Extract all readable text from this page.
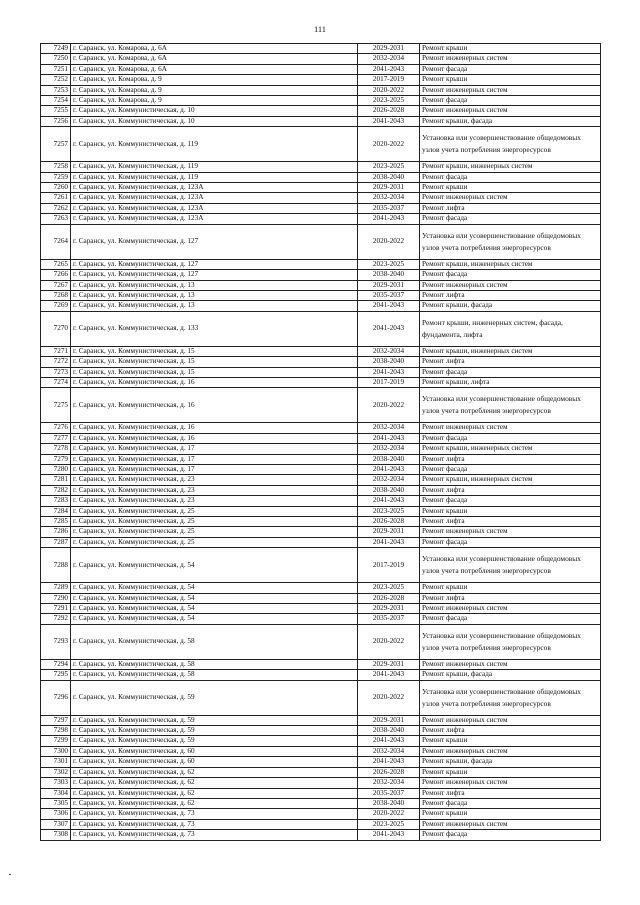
111
7249	г. Саранск, ул. Комарова, д. 6А	2029-2031	Ремонт крыши
7250	г. Саранск, ул. Комарова, д. 6А	2032-2034	Ремонт инженерных систем
7251	г. Саранск, ул. Комарова, д. 6А	2041-2043	Ремонт фасада
7252	г. Саранск, ул. Комарова, д. 9	2017-2019	Ремонт крыши
7253	г. Саранск, ул. Комарова, д. 9	2020-2022	Ремонт инженерных систем
7254	г. Саранск, ул. Комарова, д. 9	2023-2025	Ремонт фасада
7255	г. Саранск, ул. Коммунистическая, д. 10	2026-2028	Ремонт инженерных систем
7256	г. Саранск, ул. Коммунистическая, д. 10	2041-2043	Ремонт крыши, фасада
7257	г. Саранск, ул. Коммунистическая, д. 119	2020-2022	Установка или усовершенствование общедомовых узлов учета потребления энергоресурсов
7258	г. Саранск, ул. Коммунистическая, д. 119	2023-2025	Ремонт крыши, инженерных систем
7259	г. Саранск, ул. Коммунистическая, д. 119	2038-2040	Ремонт фасада
7260	г. Саранск, ул. Коммунистическая, д. 123А	2029-2031	Ремонт крыши
7261	г. Саранск, ул. Коммунистическая, д. 123А	2032-2034	Ремонт инженерных систем
7262	г. Саранск, ул. Коммунистическая, д. 123А	2035-2037	Ремонт лифта
7263	г. Саранск, ул. Коммунистическая, д. 123А	2041-2043	Ремонт фасада
7264	г. Саранск, ул. Коммунистическая, д. 127	2020-2022	Установка или усовершенствование общедомовых узлов учета потребления энергоресурсов
7265	г. Саранск, ул. Коммунистическая, д. 127	2023-2025	Ремонт крыши, инженерных систем
7266	г. Саранск, ул. Коммунистическая, д. 127	2038-2040	Ремонт фасада
7267	г. Саранск, ул. Коммунистическая, д. 13	2029-2031	Ремонт инженерных систем
7268	г. Саранск, ул. Коммунистическая, д. 13	2035-2037	Ремонт лифта
7269	г. Саранск, ул. Коммунистическая, д. 13	2041-2043	Ремонт крыши, фасада
7270	г. Саранск, ул. Коммунистическая, д. 133	2041-2043	Ремонт крыши, инженерных систем, фасада, фундамента, лифта
7271	г. Саранск, ул. Коммунистическая, д. 15	2032-2034	Ремонт крыши, инженерных систем
7272	г. Саранск, ул. Коммунистическая, д. 15	2038-2040	Ремонт лифта
7273	г. Саранск, ул. Коммунистическая, д. 15	2041-2043	Ремонт фасада
7274	г. Саранск, ул. Коммунистическая, д. 16	2017-2019	Ремонт крыши, лифта
7275	г. Саранск, ул. Коммунистическая, д. 16	2020-2022	Установка или усовершенствование общедомовых узлов учета потребления энергоресурсов
7276	г. Саранск, ул. Коммунистическая, д. 16	2032-2034	Ремонт инженерных систем
7277	г. Саранск, ул. Коммунистическая, д. 16	2041-2043	Ремонт фасада
7278	г. Саранск, ул. Коммунистическая, д. 17	2032-2034	Ремонт крыши, инженерных систем
7279	г. Саранск, ул. Коммунистическая, д. 17	2038-2040	Ремонт лифта
7280	г. Саранск, ул. Коммунистическая, д. 17	2041-2043	Ремонт фасада
7281	г. Саранск, ул. Коммунистическая, д. 23	2032-2034	Ремонт крыши, инженерных систем
7282	г. Саранск, ул. Коммунистическая, д. 23	2038-2040	Ремонт лифта
7283	г. Саранск, ул. Коммунистическая, д. 23	2041-2043	Ремонт фасада
7284	г. Саранск, ул. Коммунистическая, д. 25	2023-2025	Ремонт крыши
7285	г. Саранск, ул. Коммунистическая, д. 25	2026-2028	Ремонт лифта
7286	г. Саранск, ул. Коммунистическая, д. 25	2029-2031	Ремонт инженерных систем
7287	г. Саранск, ул. Коммунистическая, д. 25	2041-2043	Ремонт фасада
7288	г. Саранск, ул. Коммунистическая, д. 54	2017-2019	Установка или усовершенствование общедомовых узлов учета потребления энергоресурсов
7289	г. Саранск, ул. Коммунистическая, д. 54	2023-2025	Ремонт крыши
7290	г. Саранск, ул. Коммунистическая, д. 54	2026-2028	Ремонт лифта
7291	г. Саранск, ул. Коммунистическая, д. 54	2029-2031	Ремонт инженерных систем
7292	г. Саранск, ул. Коммунистическая, д. 54	2035-2037	Ремонт фасада
7293	г. Саранск, ул. Коммунистическая, д. 58	2020-2022	Установка или усовершенствование общедомовых узлов учета потребления энергоресурсов
7294	г. Саранск, ул. Коммунистическая, д. 58	2029-2031	Ремонт инженерных систем
7295	г. Саранск, ул. Коммунистическая, д. 58	2041-2043	Ремонт крыши, фасада
7296	г. Саранск, ул. Коммунистическая, д. 59	2020-2022	Установка или усовершенствование общедомовых узлов учета потребления энергоресурсов
7297	г. Саранск, ул. Коммунистическая, д. 59	2029-2031	Ремонт инженерных систем
7298	г. Саранск, ул. Коммунистическая, д. 59	2038-2040	Ремонт лифта
7299	г. Саранск, ул. Коммунистическая, д. 59	2041-2043	Ремонт крыши
7300	г. Саранск, ул. Коммунистическая, д. 60	2032-2034	Ремонт инженерных систем
7301	г. Саранск, ул. Коммунистическая, д. 60	2041-2043	Ремонт крыши, фасада
7302	г. Саранск, ул. Коммунистическая, д. 62	2026-2028	Ремонт крыши
7303	г. Саранск, ул. Коммунистическая, д. 62	2032-2034	Ремонт инженерных систем
7304	г. Саранск, ул. Коммунистическая, д. 62	2035-2037	Ремонт лифта
7305	г. Саранск, ул. Коммунистическая, д. 62	2038-2040	Ремонт фасада
7306	г. Саранск, ул. Коммунистическая, д. 73	2020-2022	Ремонт крыши
7307	г. Саранск, ул. Коммунистическая, д. 73	2023-2025	Ремонт инженерных систем
7308	г. Саранск, ул. Коммунистическая, д. 73	2041-2043	Ремонт фасада
